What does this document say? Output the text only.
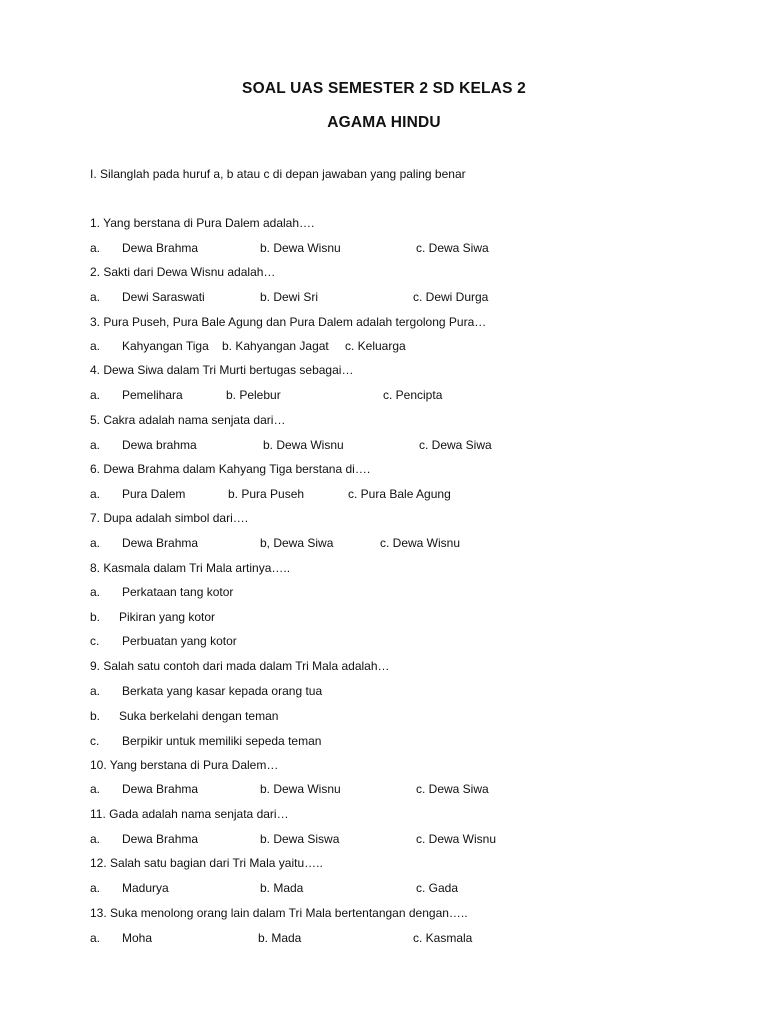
SOAL UAS SEMESTER 2 SD KELAS 2
AGAMA HINDU
I. Silanglah pada huruf a, b atau c di depan jawaban yang paling benar
1. Yang berstana di Pura Dalem adalah….
a. Dewa Brahma	b. Dewa Wisnu	c. Dewa Siwa
2. Sakti dari Dewa Wisnu adalah…
a. Dewi Saraswati	b. Dewi Sri	c. Dewi Durga
3. Pura Puseh, Pura Bale Agung dan Pura Dalem adalah tergolong Pura…
a. Kahyangan Tiga b. Kahyangan Jagat c. Keluarga
4. Dewa Siwa dalam Tri Murti bertugas sebagai…
a. Pemelihara	b. Pelebur	c. Pencipta
5. Cakra adalah nama senjata dari…
a. Dewa brahma	b. Dewa Wisnu	c. Dewa Siwa
6. Dewa Brahma dalam Kahyang Tiga berstana di….
a. Pura Dalem	b. Pura Puseh	c. Pura Bale Agung
7. Dupa adalah simbol dari….
a. Dewa Brahma	b, Dewa Siwa	c. Dewa Wisnu
8. Kasmala dalam Tri Mala artinya…..
a. Perkataan tang kotor
b. Pikiran yang kotor
c. Perbuatan yang kotor
9. Salah satu contoh dari mada dalam Tri Mala adalah…
a. Berkata yang kasar kepada orang tua
b. Suka berkelahi dengan teman
c. Berpikir untuk memiliki sepeda teman
10. Yang berstana di Pura Dalem…
a. Dewa Brahma	b. Dewa Wisnu	c. Dewa Siwa
11. Gada adalah nama senjata dari…
a. Dewa Brahma	b. Dewa Siswa	c. Dewa Wisnu
12. Salah satu bagian dari Tri Mala yaitu…..
a. Madurya	b. Mada	c. Gada
13. Suka menolong orang lain dalam Tri Mala bertentangan dengan…..
a. Moha	b. Mada	c. Kasmala
